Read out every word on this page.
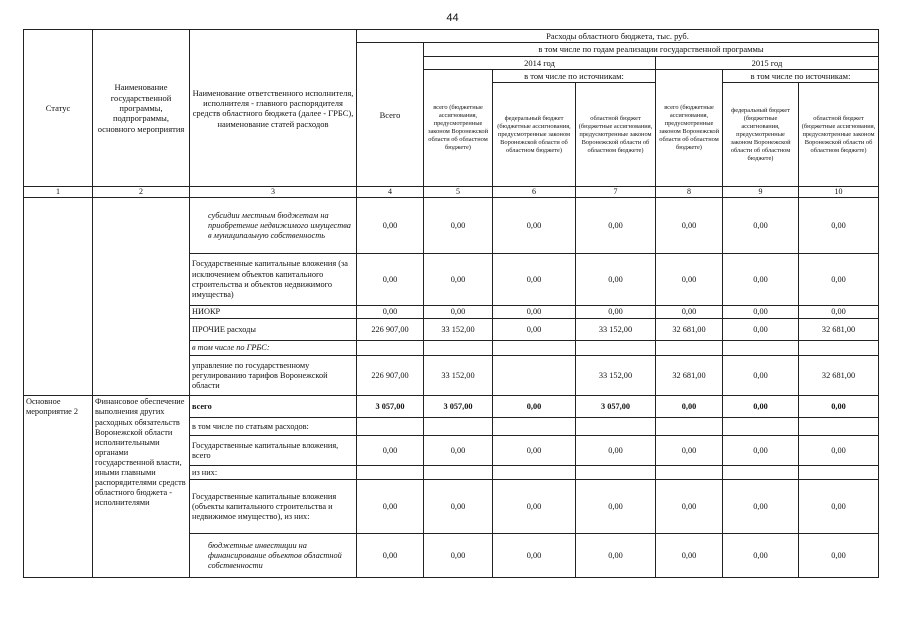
44
Статус	Наименование государственной программы, подпрограммы, основного мероприятия	Наименование ответственного исполнителя, исполнителя - главного распорядителя средств областного бюджета (далее - ГРБС), наименование статей расходов	Расходы областного бюджета, тыс. руб.						
			Всего	в том числе по годам реализации государственной программы					
				2014 год			2015 год		
				всего (бюджетные ассигнования, предусмотренные законом Воронежской области об областном бюджете)	в том числе по источникам:		всего (бюджетные ассигнования, предусмотренные законом Воронежской области об областном бюджете)	в том числе по источникам:	
					федеральный бюджет (бюджетные ассигнования, предусмотренные законом Воронежской области об областном бюджете)	областной бюджет (бюджетные ассигнования, предусмотренные законом Воронежской области об областном бюджете)		федеральный бюджет (бюджетные ассигнования, предусмотренные законом Воронежской области об областном бюджете)	областной бюджет (бюджетные ассигнования, предусмотренные законом Воронежской области об областном бюджете)
1	2	3	4	5	6	7	8	9	10
		субсидии местным бюджетам на приобретение недвижимого имущества в муниципальную собственность	0,00	0,00	0,00	0,00	0,00	0,00	0,00
		Государственные капитальные вложения (за исключением объектов капитального строительства и объектов недвижимого имущества)	0,00	0,00	0,00	0,00	0,00	0,00	0,00
		НИОКР	0,00	0,00	0,00	0,00	0,00	0,00	0,00
		ПРОЧИЕ расходы	226 907,00	33 152,00	0,00	33 152,00	32 681,00	0,00	32 681,00
		в том числе по ГРБС:							
		управление по государственному регулированию тарифов Воронежской области	226 907,00	33 152,00		33 152,00	32 681,00	0,00	32 681,00
Основное мероприятие 2	Финансовое обеспечение выполнения других расходных обязательств Воронежской области исполнительными органами государственной власти, иными главными распорядителями средств областного бюджета - исполнителями	всего	3 057,00	3 057,00	0,00	3 057,00	0,00	0,00	0,00
		в том числе по статьям расходов:							
		Государственные капитальные вложения, всего	0,00	0,00	0,00	0,00	0,00	0,00	0,00
		из них:							
		Государственные капитальные вложения (объекты капитального строительства и недвижимое имущество), из них:	0,00	0,00	0,00	0,00	0,00	0,00	0,00
		бюджетные инвестиции на финансирование объектов областной собственности	0,00	0,00	0,00	0,00	0,00	0,00	0,00
